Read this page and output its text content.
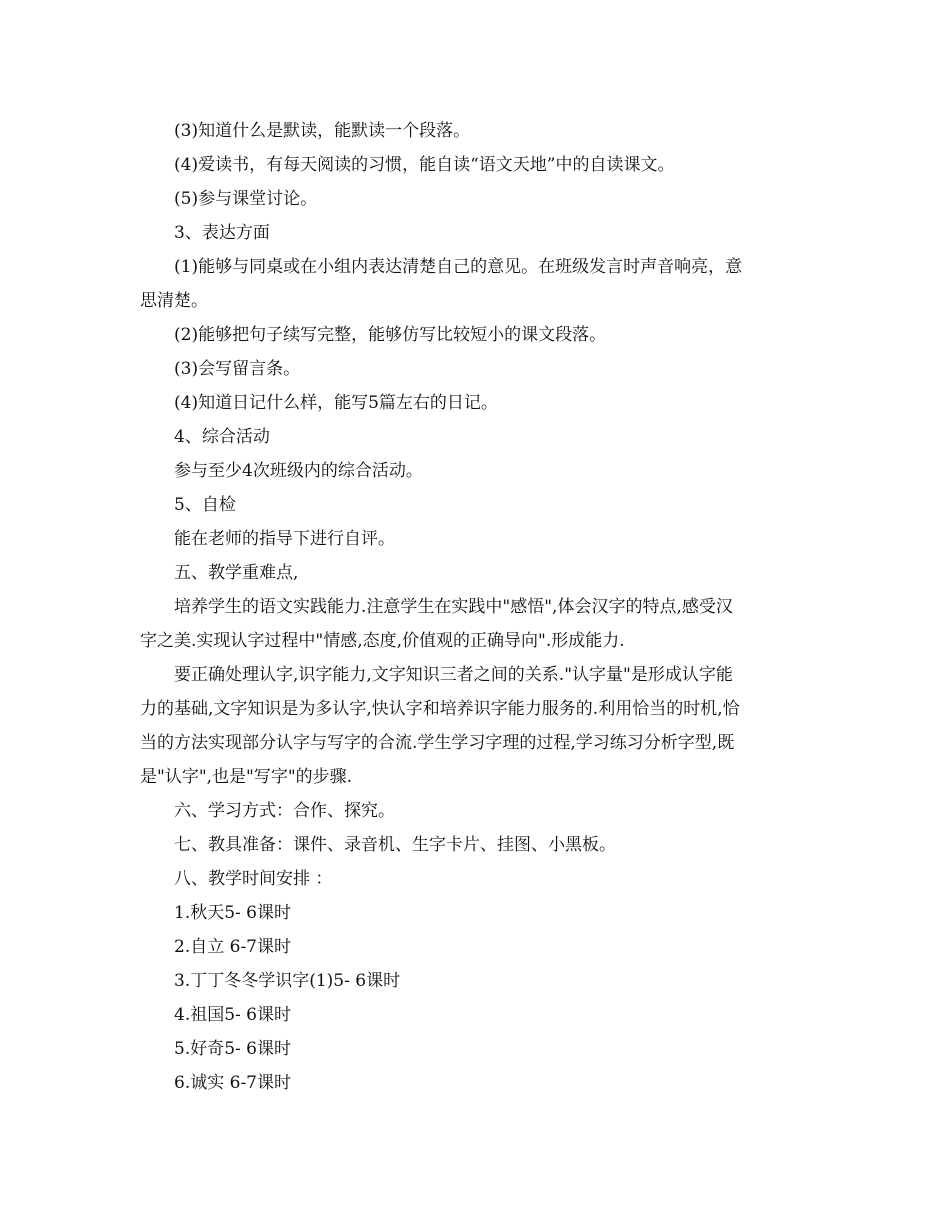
(3)知道什么是默读，能默读一个段落。
(4)爱读书，有每天阅读的习惯，能自读“语文天地”中的自读课文。
(5)参与课堂讨论。
3、表达方面
(1)能够与同桌或在小组内表达清楚自己的意见。在班级发言时声音响亮，意
思清楚。
(2)能够把句子续写完整，能够仿写比较短小的课文段落。
(3)会写留言条。
(4)知道日记什么样，能写5篇左右的日记。
4、综合活动
参与至少4次班级内的综合活动。
5、自检
能在老师的指导下进行自评。
五、教学重难点,
培养学生的语文实践能力.注意学生在实践中"感悟",体会汉字的特点,感受汉
字之美.实现认字过程中"情感,态度,价值观的正确导向".形成能力.
要正确处理认字,识字能力,文字知识三者之间的关系."认字量"是形成认字能
力的基础,文字知识是为多认字,快认字和培养识字能力服务的.利用恰当的时机,恰
当的方法实现部分认字与写字的合流.学生学习字理的过程,学习练习分析字型,既
是"认字",也是"写字"的步骤.
六、学习方式：合作、探究。
七、教具准备：课件、录音机、生字卡片、挂图、小黑板。
八、教学时间安排 ：
1.秋天5- 6课时
2.自立 6-7课时
3.丁丁冬冬学识字(1)5- 6课时
4.祖国5- 6课时
5.好奇5- 6课时
6.诚实 6-7课时
